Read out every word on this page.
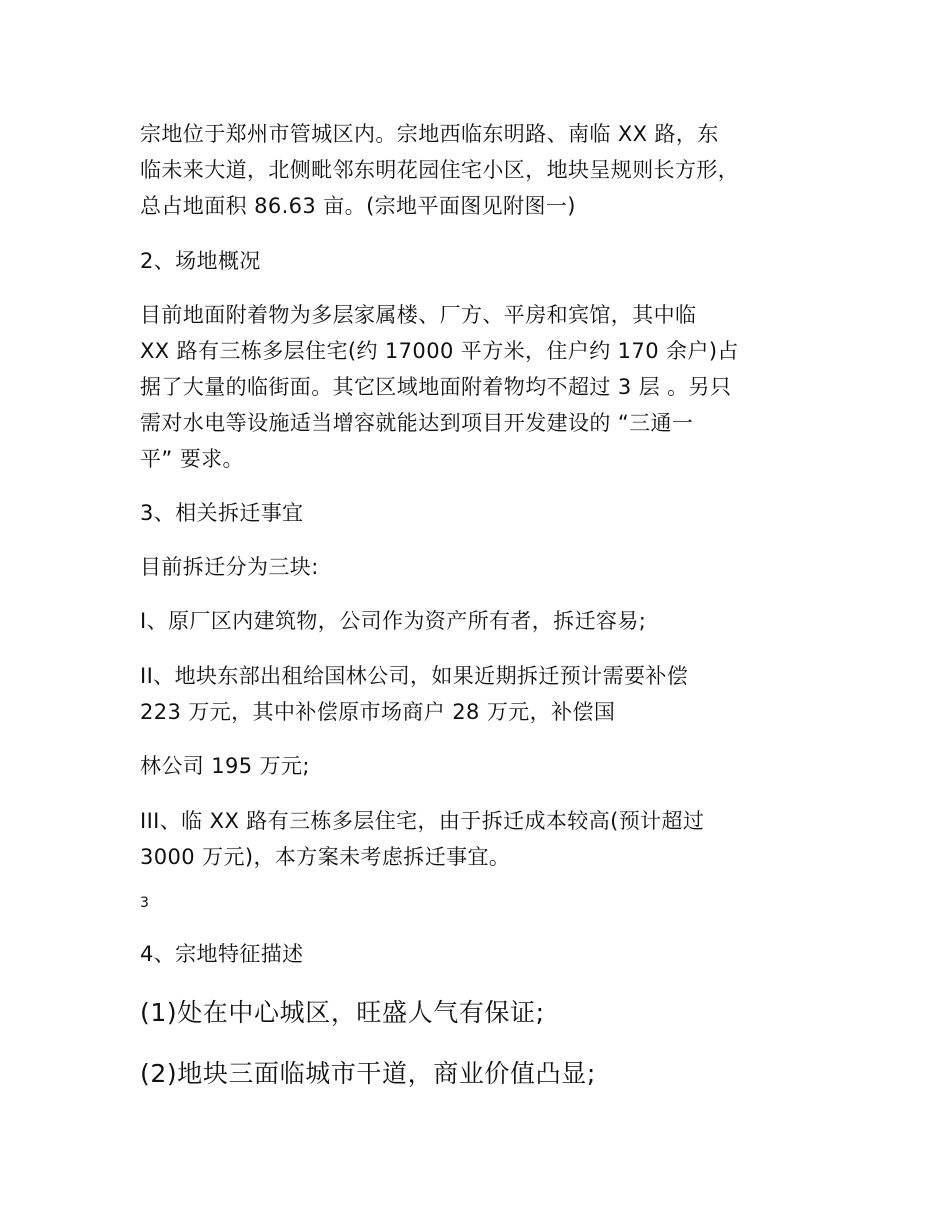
宗地位于郑州市管城区内。宗地西临东明路、南临 XX 路，东
临未来大道，北侧毗邻东明花园住宅小区，地块呈规则长方形，
总占地面积 86.63 亩。(宗地平面图见附图一)

2、场地概况

目前地面附着物为多层家属楼、厂方、平房和宾馆，其中临
XX 路有三栋多层住宅(约 17000 平方米，住户约 170 余户)占
据了大量的临街面。其它区域地面附着物均不超过 3 层 。另只
需对水电等设施适当增容就能达到项目开发建设的 “三通一
平” 要求。

3、相关拆迁事宜

目前拆迁分为三块:

I、原厂区内建筑物，公司作为资产所有者，拆迁容易;

II、地块东部出租给国林公司，如果近期拆迁预计需要补偿
223 万元，其中补偿原市场商户 28 万元，补偿国

林公司 195 万元;

III、临 XX 路有三栋多层住宅，由于拆迁成本较高(预计超过
3000 万元)，本方案未考虑拆迁事宜。

3

4、宗地特征描述

(1)处在中心城区，旺盛人气有保证;

(2)地块三面临城市干道，商业价值凸显;
